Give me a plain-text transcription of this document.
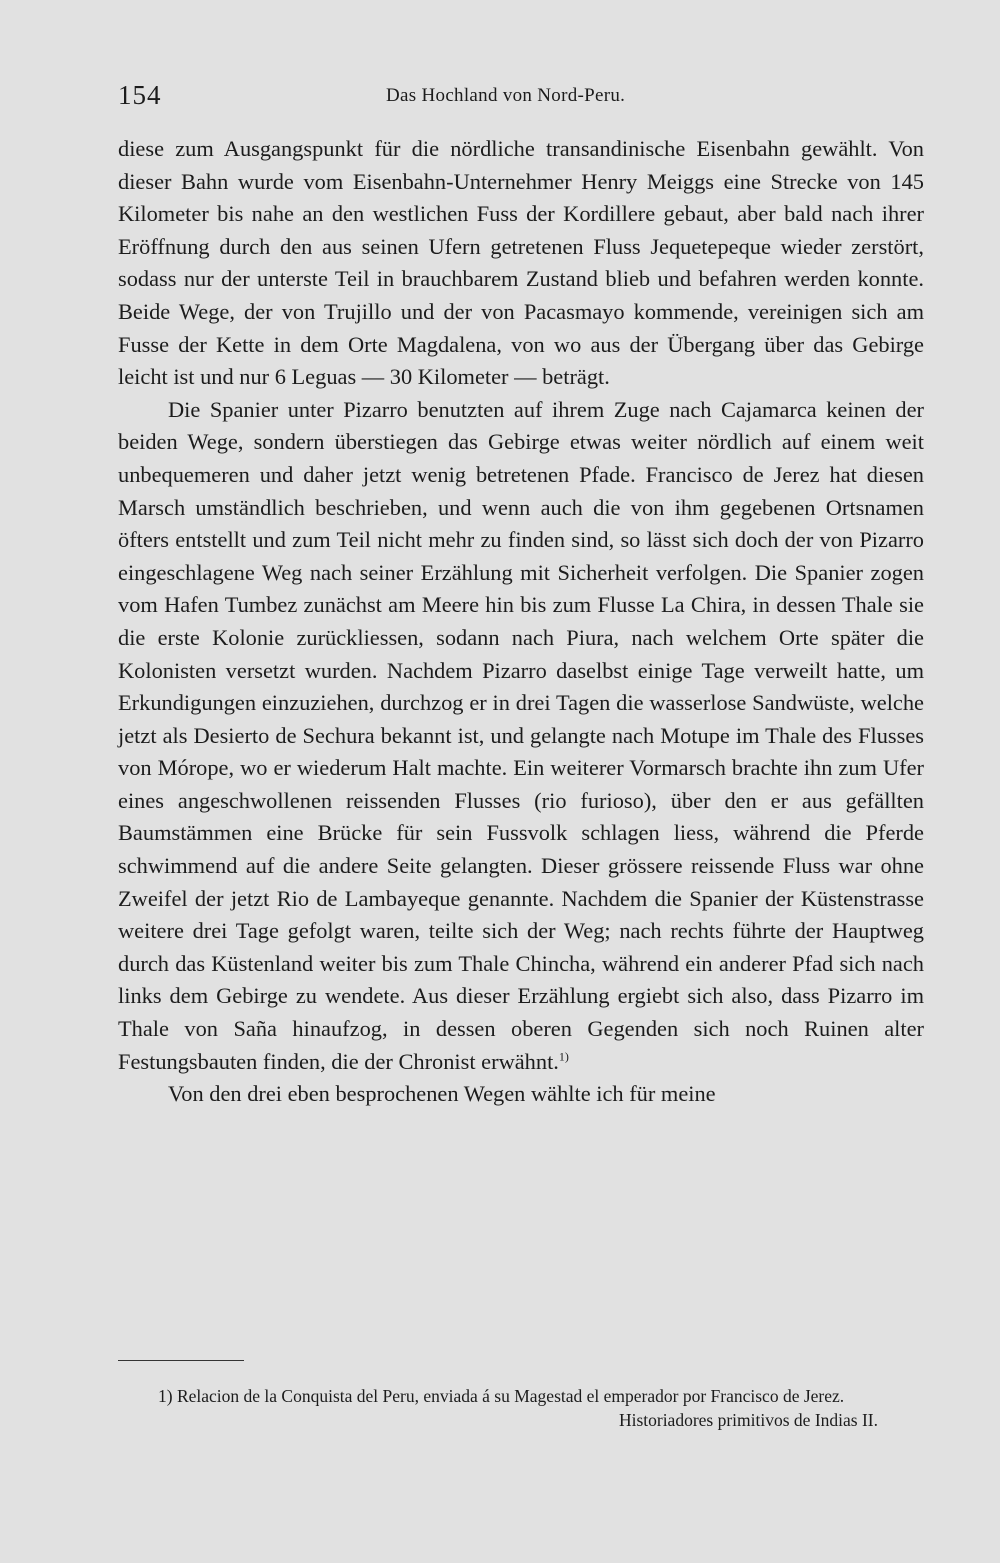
154	Das Hochland von Nord-Peru.

diese zum Ausgangspunkt für die nördliche transandinische Eisenbahn gewählt. Von dieser Bahn wurde vom Eisenbahn-Unternehmer Henry Meiggs eine Strecke von 145 Kilometer bis nahe an den westlichen Fuss der Kordillere gebaut, aber bald nach ihrer Eröffnung durch den aus seinen Ufern getretenen Fluss Jequetepeque wieder zerstört, sodass nur der unterste Teil in brauchbarem Zustand blieb und befahren werden konnte. Beide Wege, der von Trujillo und der von Pacasmayo kommende, vereinigen sich am Fusse der Kette in dem Orte Magdalena, von wo aus der Übergang über das Gebirge leicht ist und nur 6 Leguas — 30 Kilometer — beträgt.

Die Spanier unter Pizarro benutzten auf ihrem Zuge nach Cajamarca keinen der beiden Wege, sondern überstiegen das Gebirge etwas weiter nördlich auf einem weit unbequemeren und daher jetzt wenig betretenen Pfade. Francisco de Jerez hat diesen Marsch umständlich beschrieben, und wenn auch die von ihm gegebenen Ortsnamen öfters entstellt und zum Teil nicht mehr zu finden sind, so lässt sich doch der von Pizarro eingeschlagene Weg nach seiner Erzählung mit Sicherheit verfolgen. Die Spanier zogen vom Hafen Tumbez zunächst am Meere hin bis zum Flusse La Chira, in dessen Thale sie die erste Kolonie zurückliessen, sodann nach Piura, nach welchem Orte später die Kolonisten versetzt wurden. Nachdem Pizarro daselbst einige Tage verweilt hatte, um Erkundigungen einzuziehen, durchzog er in drei Tagen die wasserlose Sandwüste, welche jetzt als Desierto de Sechura bekannt ist, und gelangte nach Motupe im Thale des Flusses von Mórope, wo er wiederum Halt machte. Ein weiterer Vormarsch brachte ihn zum Ufer eines angeschwollenen reissenden Flusses (rio furioso), über den er aus gefällten Baumstämmen eine Brücke für sein Fussvolk schlagen liess, während die Pferde schwimmend auf die andere Seite gelangten. Dieser grössere reissende Fluss war ohne Zweifel der jetzt Rio de Lambayeque genannte. Nachdem die Spanier der Küstenstrasse weitere drei Tage gefolgt waren, teilte sich der Weg; nach rechts führte der Hauptweg durch das Küstenland weiter bis zum Thale Chincha, während ein anderer Pfad sich nach links dem Gebirge zu wendete. Aus dieser Erzählung ergiebt sich also, dass Pizarro im Thale von Saña hinaufzog, in dessen oberen Gegenden sich noch Ruinen alter Festungsbauten finden, die der Chronist erwähnt.$^{1)}$

Von den drei eben besprochenen Wegen wählte ich für meine

1) Relacion de la Conquista del Peru, enviada á su Magestad el emperador por Francisco de Jerez.
Historiadores primitivos de Indias II.
